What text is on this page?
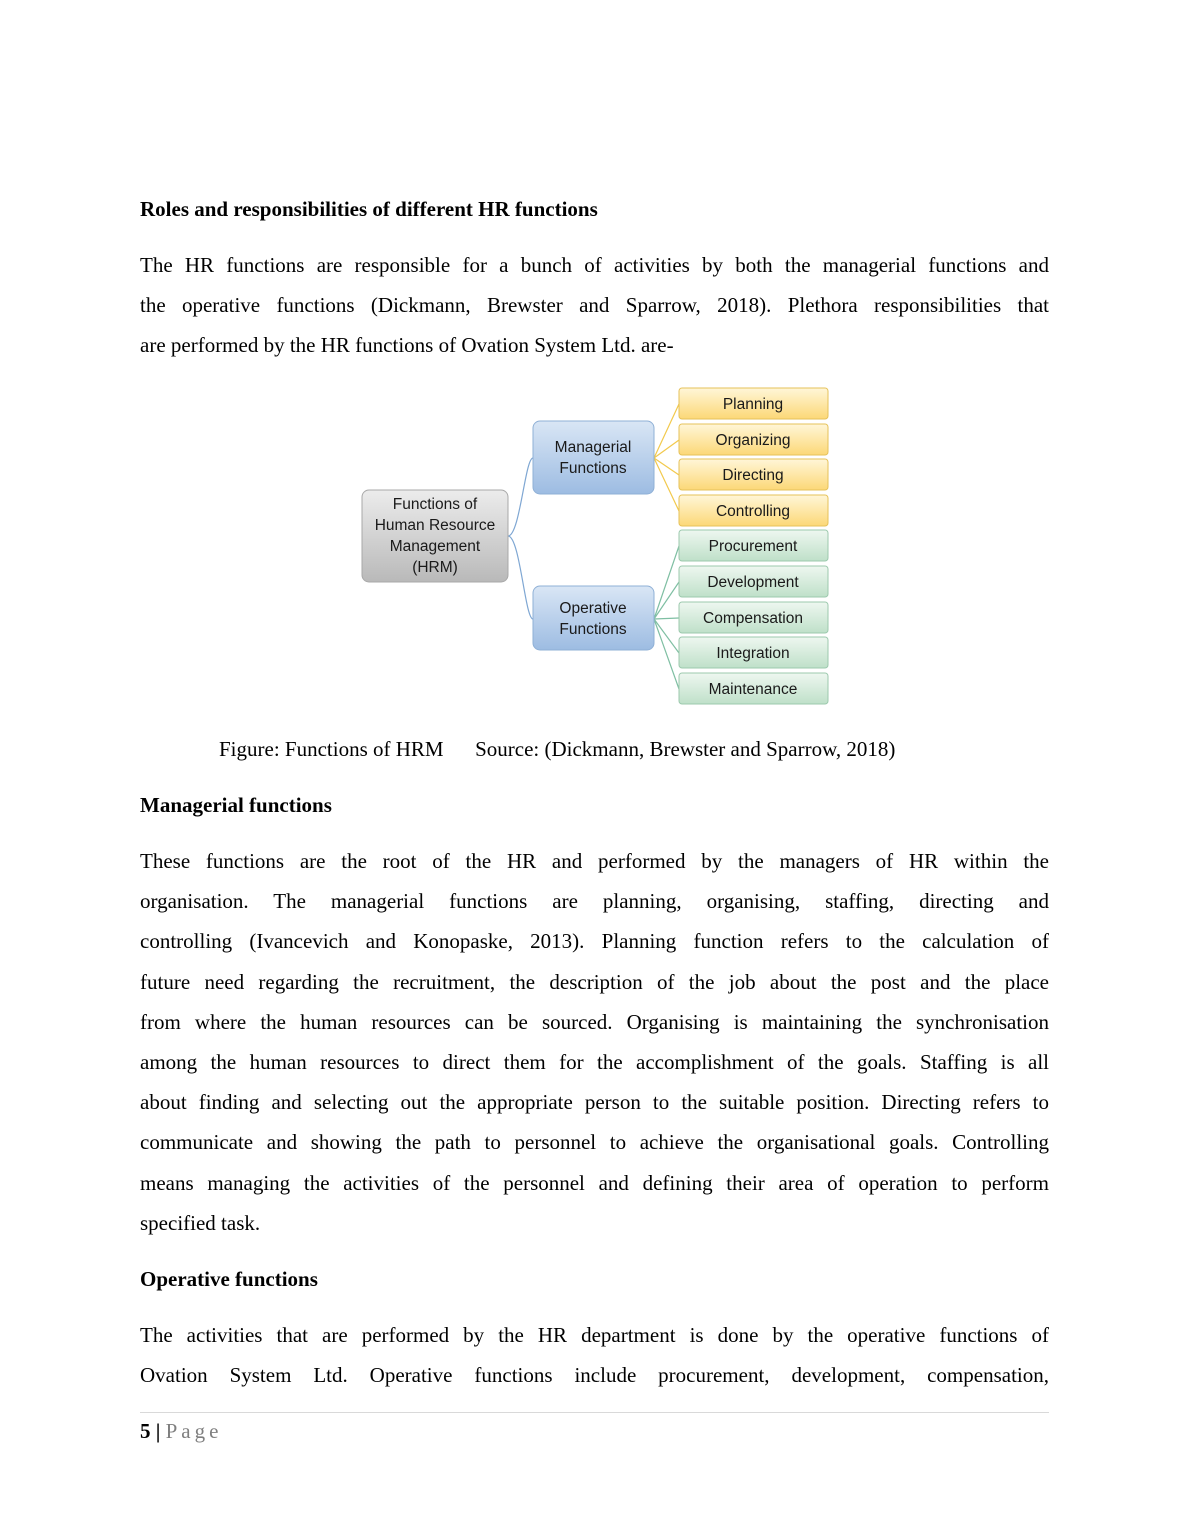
Roles and responsibilities of different HR functions
The HR functions are responsible for a bunch of activities by both the managerial functions and
the operative functions (Dickmann, Brewster and Sparrow, 2018). Plethora responsibilities that
are performed by the HR functions of Ovation System Ltd. are-
Functions of
Human Resource
Management
(HRM)
Managerial
Functions
Operative
Functions
Planning
Organizing
Directing
Controlling
Procurement
Development
Compensation
Integration
Maintenance
Figure: Functions of HRM Source: (Dickmann, Brewster and Sparrow, 2018)
Managerial functions
These functions are the root of the HR and performed by the managers of HR within the
organisation. The managerial functions are planning, organising, staffing, directing and
controlling (Ivancevich and Konopaske, 2013). Planning function refers to the calculation of
future need regarding the recruitment, the description of the job about the post and the place
from where the human resources can be sourced. Organising is maintaining the synchronisation
among the human resources to direct them for the accomplishment of the goals. Staffing is all
about finding and selecting out the appropriate person to the suitable position. Directing refers to
communicate and showing the path to personnel to achieve the organisational goals. Controlling
means managing the activities of the personnel and defining their area of operation to perform
specified task.
Operative functions
The activities that are performed by the HR department is done by the operative functions of
Ovation System Ltd. Operative functions include procurement, development, compensation,
5 | Page
